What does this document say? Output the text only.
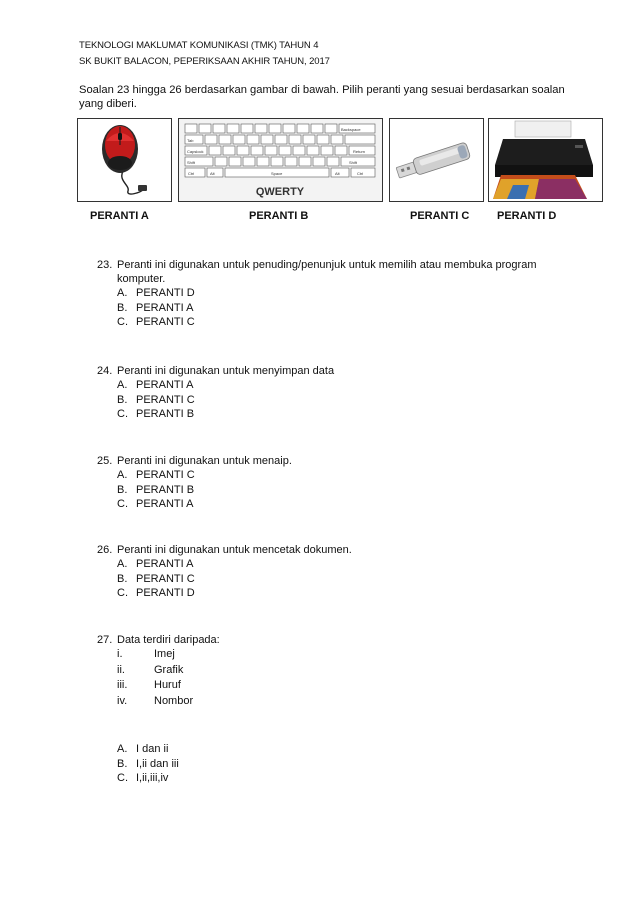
TEKNOLOGI MAKLUMAT KOMUNIKASI (TMK) TAHUN 4
SK BUKIT BALACON, PEPERIKSAAN AKHIR TAHUN, 2017
Soalan 23 hingga 26 berdasarkan gambar di bawah. Pilih peranti yang sesuai berdasarkan soalan yang diberi.
Backspace
Tab
Capslock	Return
Shift	Shift
Ctrl	Alt	Space	Alt	Ctrl
QWERTY
PERANTI A	PERANTI B	PERANTI C	PERANTI D
23. Peranti ini digunakan untuk penuding/penunjuk untuk memilih atau membuka program komputer.
A. PERANTI D
B. PERANTI A
C. PERANTI C
24. Peranti ini digunakan untuk menyimpan data
A. PERANTI A
B. PERANTI C
C. PERANTI B
25. Peranti ini digunakan untuk menaip.
A. PERANTI C
B. PERANTI B
C. PERANTI A
26. Peranti ini digunakan untuk mencetak dokumen.
A. PERANTI A
B. PERANTI C
C. PERANTI D
27. Data terdiri daripada:
i.	Imej
ii.	Grafik
iii.	Huruf
iv.	Nombor
A. I dan ii
B. I,ii dan iii
C. I,ii,iii,iv
